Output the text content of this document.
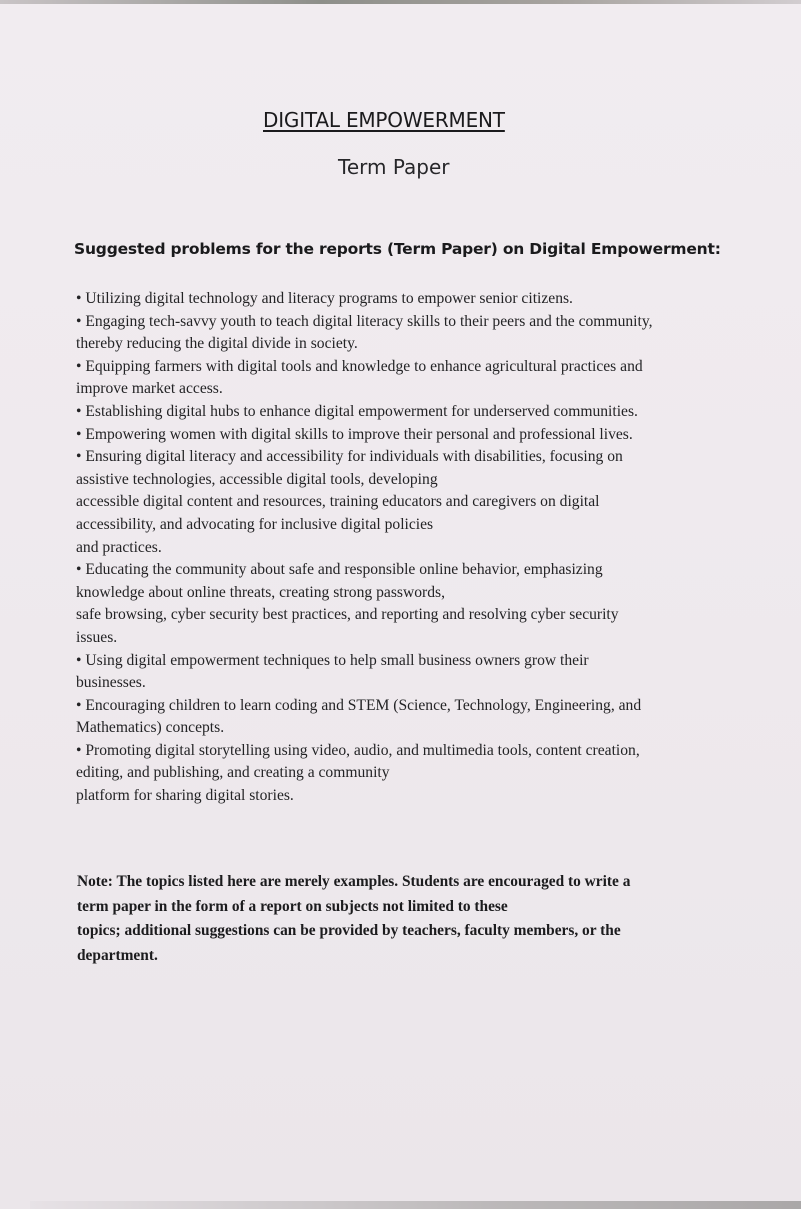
DIGITAL EMPOWERMENT
Term Paper
Suggested problems for the reports (Term Paper) on Digital Empowerment:
• Utilizing digital technology and literacy programs to empower senior citizens.
• Engaging tech-savvy youth to teach digital literacy skills to their peers and the community,
thereby reducing the digital divide in society.
• Equipping farmers with digital tools and knowledge to enhance agricultural practices and
improve market access.
• Establishing digital hubs to enhance digital empowerment for underserved communities.
• Empowering women with digital skills to improve their personal and professional lives.
• Ensuring digital literacy and accessibility for individuals with disabilities, focusing on
assistive technologies, accessible digital tools, developing
accessible digital content and resources, training educators and caregivers on digital
accessibility, and advocating for inclusive digital policies
and practices.
• Educating the community about safe and responsible online behavior, emphasizing
knowledge about online threats, creating strong passwords,
safe browsing, cyber security best practices, and reporting and resolving cyber security
issues.
• Using digital empowerment techniques to help small business owners grow their
businesses.
• Encouraging children to learn coding and STEM (Science, Technology, Engineering, and
Mathematics) concepts.
• Promoting digital storytelling using video, audio, and multimedia tools, content creation,
editing, and publishing, and creating a community
platform for sharing digital stories.
Note: The topics listed here are merely examples. Students are encouraged to write a
term paper in the form of a report on subjects not limited to these
topics; additional suggestions can be provided by teachers, faculty members, or the
department.
